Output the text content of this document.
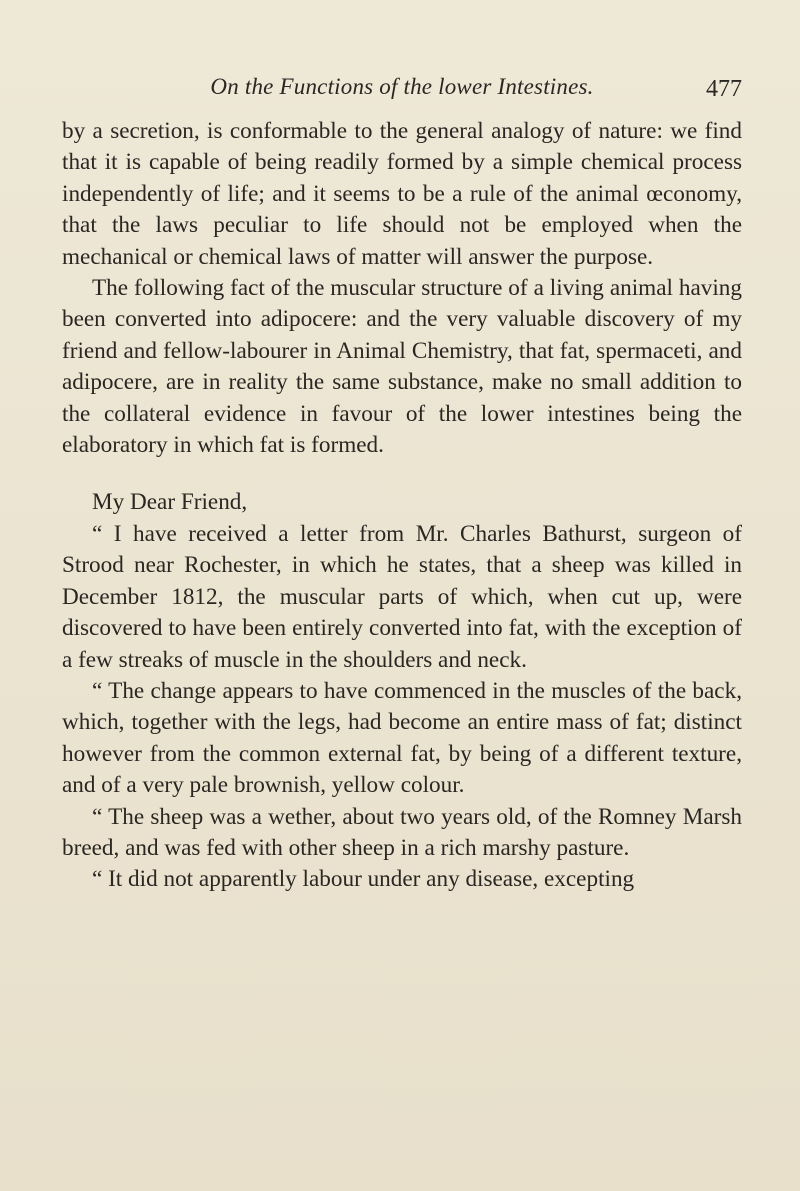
On the Functions of the lower Intestines.	477

by a secretion, is conformable to the general analogy of nature: we find that it is capable of being readily formed by a simple chemical process independently of life; and it seems to be a rule of the animal œconomy, that the laws peculiar to life should not be employed when the mechanical or chemical laws of matter will answer the purpose.

The following fact of the muscular structure of a living animal having been converted into adipocere: and the very valuable discovery of my friend and fellow-labourer in Animal Chemistry, that fat, spermaceti, and adipocere, are in reality the same substance, make no small addition to the collateral evidence in favour of the lower intestines being the elaboratory in which fat is formed.

My Dear Friend,

“ I have received a letter from Mr. Charles Bathurst, surgeon of Strood near Rochester, in which he states, that a sheep was killed in December 1812, the muscular parts of which, when cut up, were discovered to have been entirely converted into fat, with the exception of a few streaks of muscle in the shoulders and neck.

“ The change appears to have commenced in the muscles of the back, which, together with the legs, had become an entire mass of fat; distinct however from the common external fat, by being of a different texture, and of a very pale brownish, yellow colour.

“ The sheep was a wether, about two years old, of the Romney Marsh breed, and was fed with other sheep in a rich marshy pasture.

“ It did not apparently labour under any disease, excepting
